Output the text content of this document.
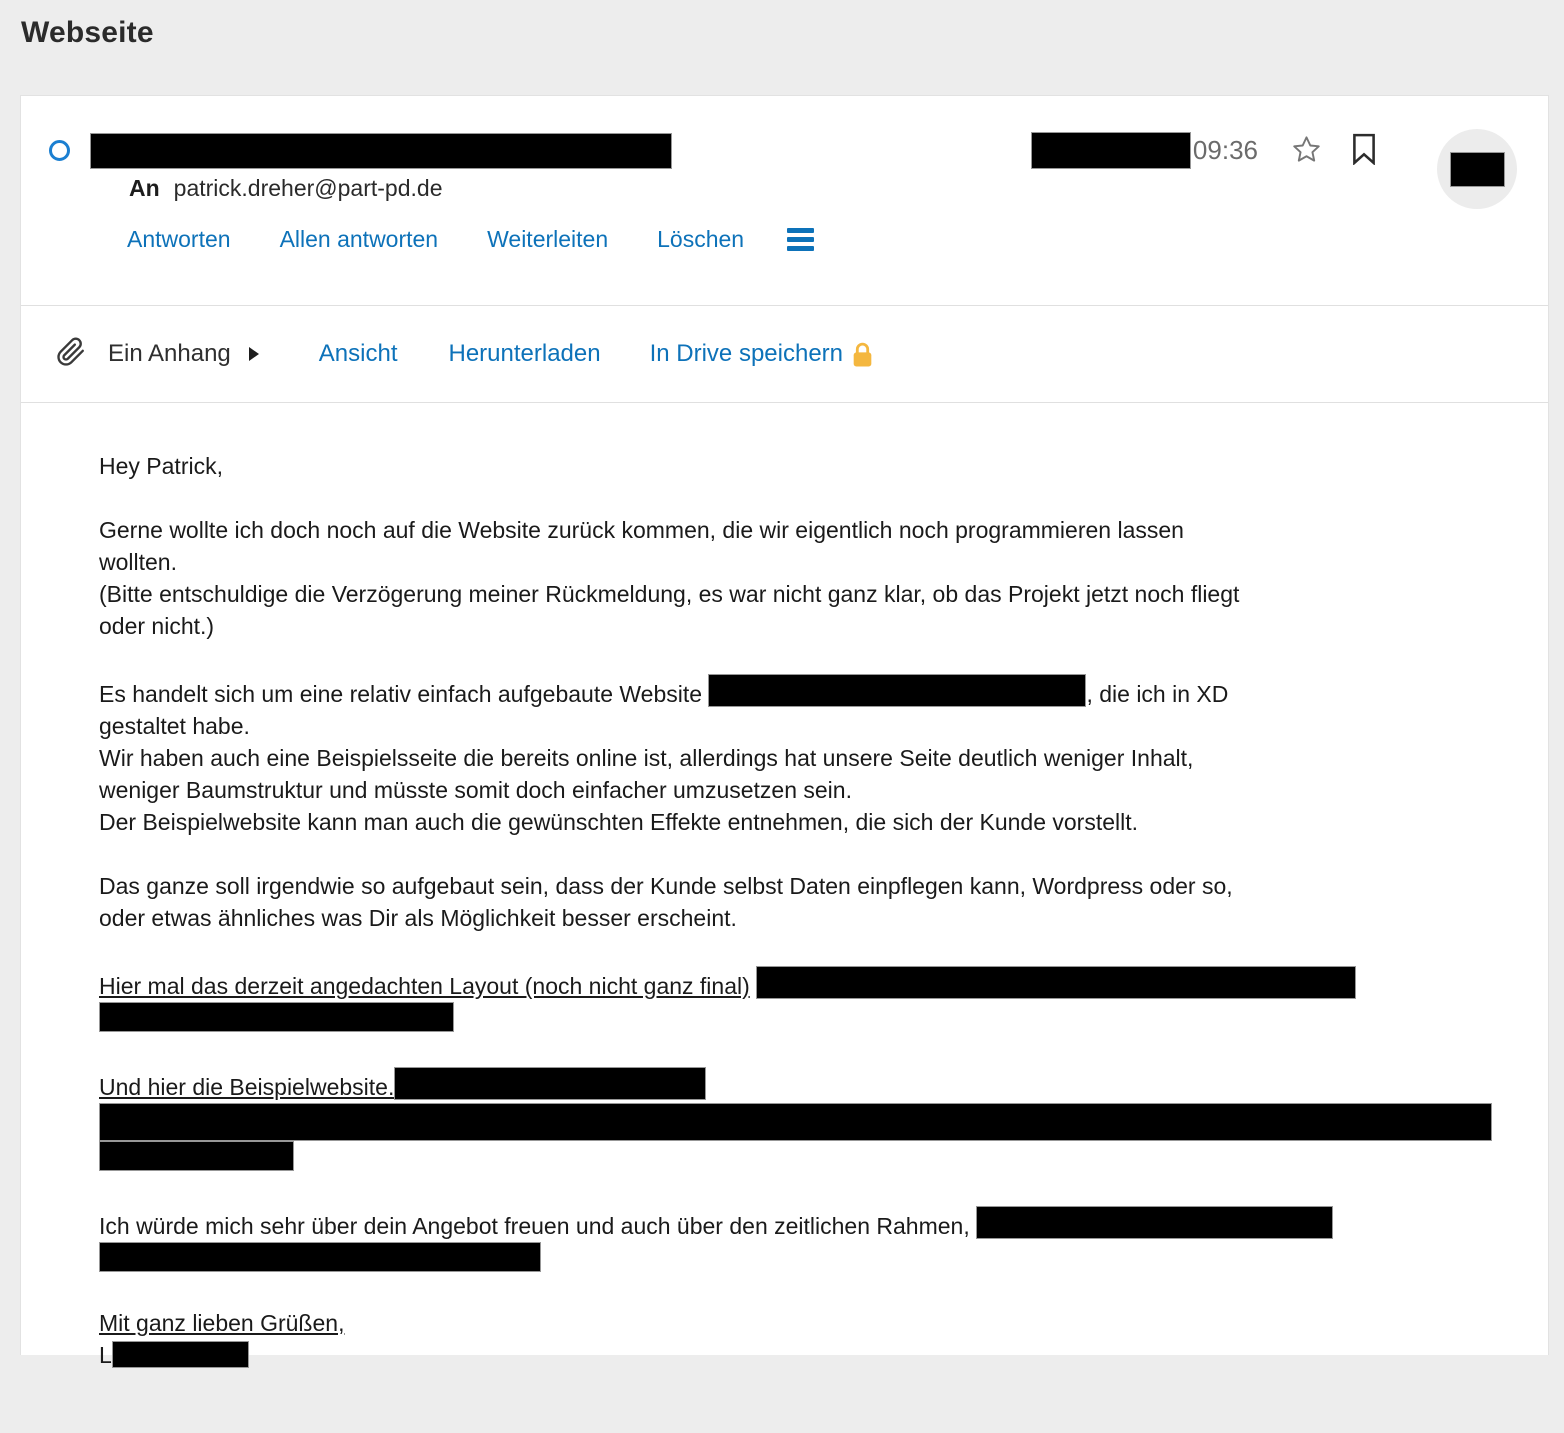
Webseite
09:36
An patrick.dreher@part-pd.de
Antworten Allen antworten Weiterleiten Löschen
Ein Anhang	Ansicht Herunterladen In Drive speichern

Hey Patrick,

Gerne wollte ich doch noch auf die Website zurück kommen, die wir eigentlich noch programmieren lassen
wollten.
(Bitte entschuldige die Verzögerung meiner Rückmeldung, es war nicht ganz klar, ob das Projekt jetzt noch fliegt
oder nicht.)

Es handelt sich um eine relativ einfach aufgebaute Website	, die ich in XD
gestaltet habe.
Wir haben auch eine Beispielsseite die bereits online ist, allerdings hat unsere Seite deutlich weniger Inhalt,
weniger Baumstruktur und müsste somit doch einfacher umzusetzen sein.
Der Beispielwebsite kann man auch die gewünschten Effekte entnehmen, die sich der Kunde vorstellt.

Das ganze soll irgendwie so aufgebaut sein, dass der Kunde selbst Daten einpflegen kann, Wordpress oder so,
oder etwas ähnliches was Dir als Möglichkeit besser erscheint.

Hier mal das derzeit angedachten Layout (noch nicht ganz final)

Und hier die Beispielwebsite.

Ich würde mich sehr über dein Angebot freuen und auch über den zeitlichen Rahmen,

Mit ganz lieben Grüßen,
L
